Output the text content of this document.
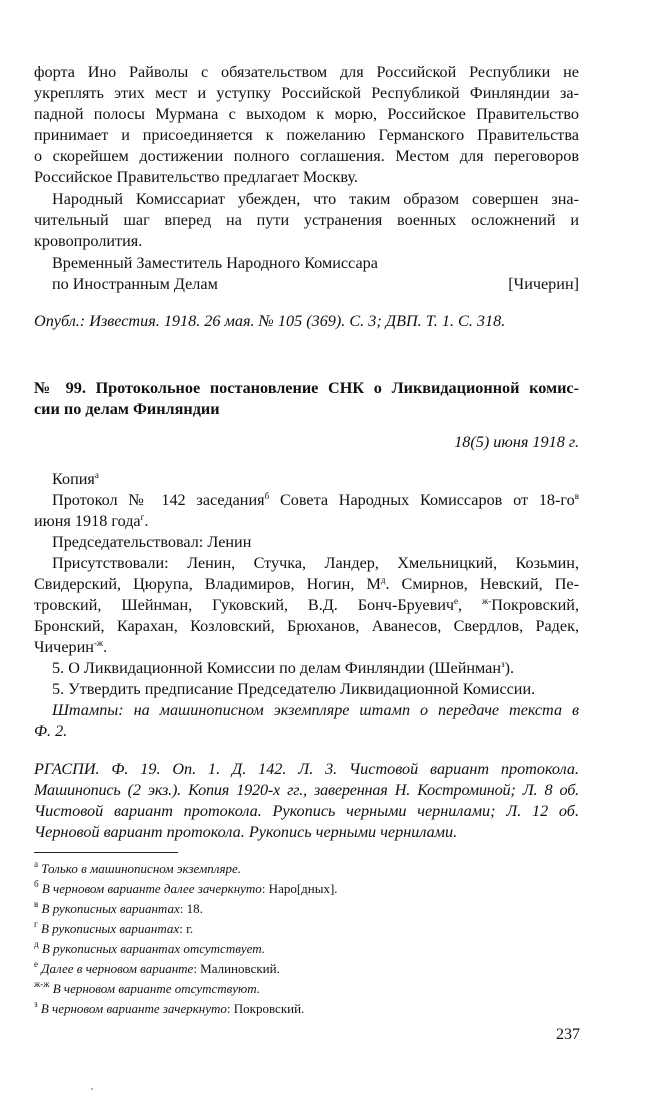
форта Ино Райволы с обязательством для Российской Республики не
укреплять этих мест и уступку Российской Республикой Финляндии за-
падной полосы Мурмана с выходом к морю, Российское Правительство
принимает и присоединяется к пожеланию Германского Правительства
о скорейшем достижении полного соглашения. Местом для переговоров
Российское Правительство предлагает Москву.
Народный Комиссариат убежден, что таким образом совершен зна-
чительный шаг вперед на пути устранения военных осложнений и
кровопролития.
Временный Заместитель Народного Комиссара
по Иностранным Делам	[Чичерин]
Опубл.: Известия. 1918. 26 мая. № 105 (369). С. 3; ДВП. Т. 1. С. 318.
№ 99. Протокольное постановление СНК о Ликвидационной комис-
сии по делам Финляндии
18(5) июня 1918 г.
Копия$^а$
Протокол № 142 заседания$^б$ Совета Народных Комиссаров от $18-го^в$
июня 1918 года$^г$.
Председательствовал: Ленин
Присутствовали: Ленин, Стучка, Ландер, Хмельницкий, Козьмин,
Свидерский, Цюрупа, Владимиров, Ногин, $М^д$. Смирнов, Невский, Пе-
тровский, Шейнман, Гуковский, В.Д. Бонч-Бруевич$^е$, $^{ж-}$Покровский,
Бронский, Карахан, Козловский, Брюханов, Аванесов, Свердлов, Радек,
Чичерин$^{-ж}$.
5. О Ликвидационной Комиссии по делам Финляндии (Шейнман$^з$).
5. Утвердить предписание Председателю Ликвидационной Комиссии.
Штампы: на машинописном экземпляре штамп о передаче текста в
Ф. 2.
РГАСПИ. Ф. 19. Оп. 1. Д. 142. Л. 3. Чистовой вариант протокола.
Машинопись (2 экз.). Копия 1920-х гг., заверенная Н. Костроминой; Л. 8 об.
Чистовой вариант протокола. Рукопись черными чернилами; Л. 12 об.
Черновой вариант протокола. Рукопись черными чернилами.
$^а$ Только в машинописном экземпляре.
$^б$ В черновом варианте далее зачеркнуто: Наро[дных].
$^в$ В рукописных вариантах: 18.
$^г$ В рукописных вариантах: г.
$^д$ В рукописных вариантах отсутствует.
$^е$ Далее в черновом варианте: Малиновский.
$^{ж-ж}$ В черновом варианте отсутствуют.
$^з$ В черновом варианте зачеркнуто: Покровский.
237
